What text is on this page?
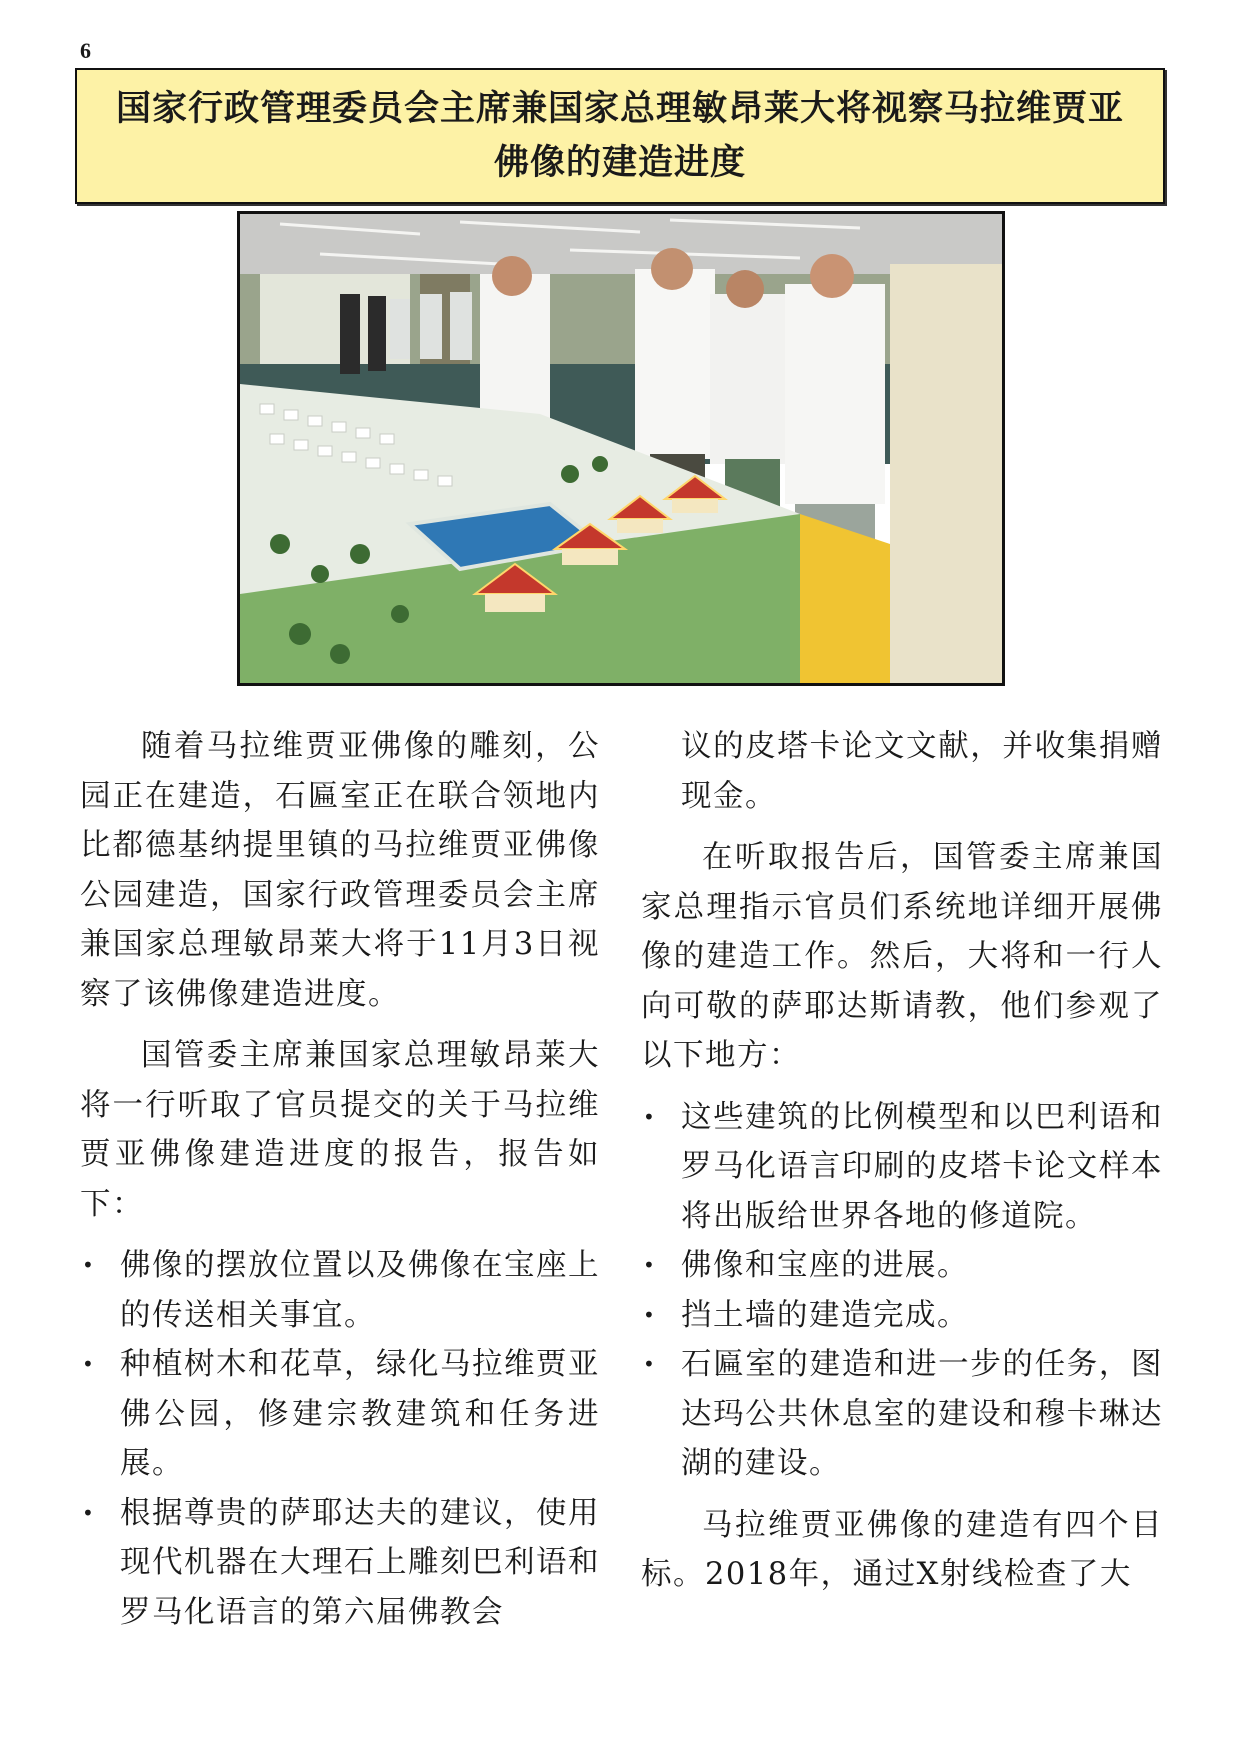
6
国家行政管理委员会主席兼国家总理敏昂莱大将视察马拉维贾亚
佛像的建造进度

随着马拉维贾亚佛像的雕刻，公园正在建造，石匾室正在联合领地内比都德基纳提里镇的马拉维贾亚佛像公园建造，国家行政管理委员会主席兼国家总理敏昂莱大将于11月3日视察了该佛像建造进度。

国管委主席兼国家总理敏昂莱大将一行听取了官员提交的关于马拉维贾亚佛像建造进度的报告，报告如下：

• 佛像的摆放位置以及佛像在宝座上的传送相关事宜。
• 种植树木和花草，绿化马拉维贾亚佛公园，修建宗教建筑和任务进展。
• 根据尊贵的萨耶达夫的建议，使用现代机器在大理石上雕刻巴利语和罗马化语言的第六届佛教会
议的皮塔卡论文文献，并收集捐赠现金。

在听取报告后，国管委主席兼国家总理指示官员们系统地详细开展佛像的建造工作。然后，大将和一行人向可敬的萨耶达斯请教，他们参观了以下地方：

• 这些建筑的比例模型和以巴利语和罗马化语言印刷的皮塔卡论文样本将出版给世界各地的修道院。
• 佛像和宝座的进展。
• 挡土墙的建造完成。
• 石匾室的建造和进一步的任务，图达玛公共休息室的建设和穆卡琳达湖的建设。

马拉维贾亚佛像的建造有四个目标。2018年，通过X射线检查了大
